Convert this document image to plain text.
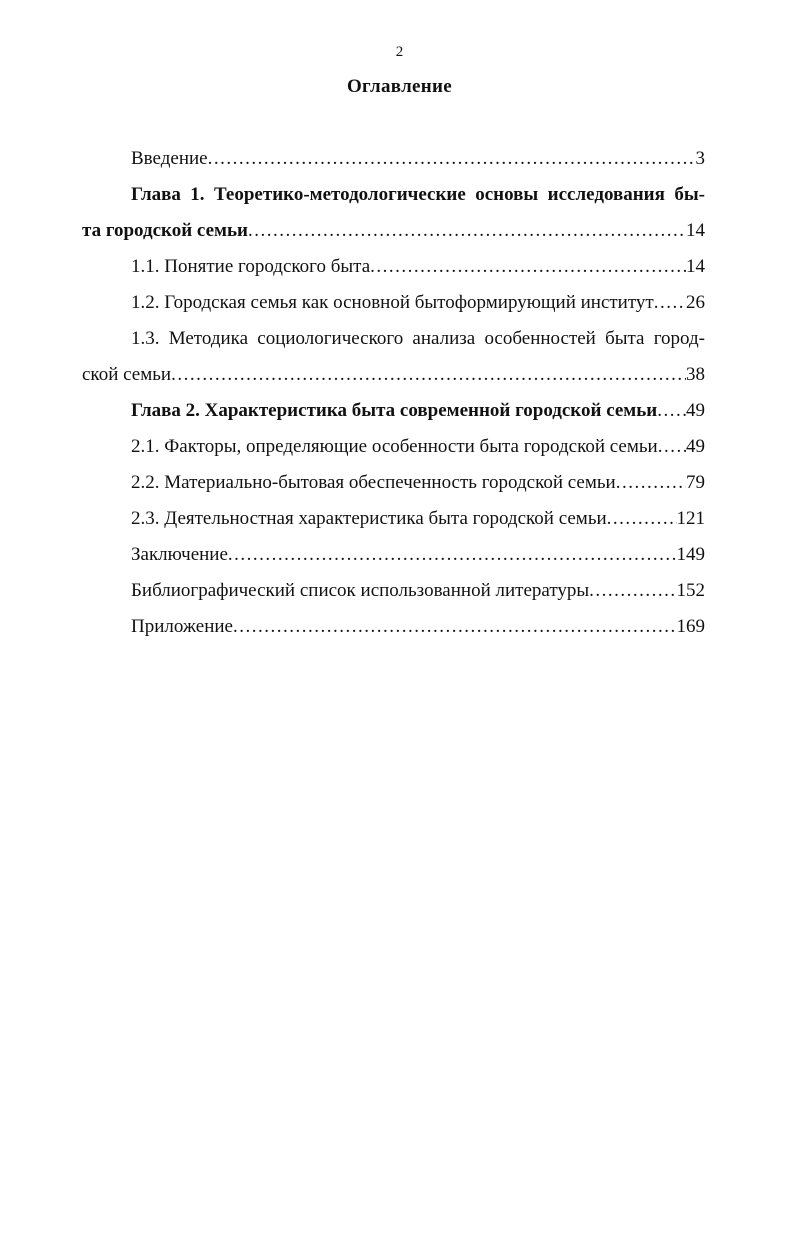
2
Оглавление
Введение .....	3
Глава 1. Теоретико-методологические основы исследования бы-
та городской семьи .....	14
1.1. Понятие городского быта .....	14
1.2. Городская семья как основной бытоформирующий институт ..... 26
1.3. Методика социологического анализа особенностей быта город-
ской семьи .....	38
Глава 2. Характеристика быта современной городской семьи ..... 49
2.1. Факторы, определяющие особенности быта городской семьи ..... 49
2.2. Материально-бытовая обеспеченность городской семьи .....	79
2.3. Деятельностная характеристика быта городской семьи .....	121
Заключение .....	149
Библиографический список использованной литературы .....	152
Приложение .....	169
